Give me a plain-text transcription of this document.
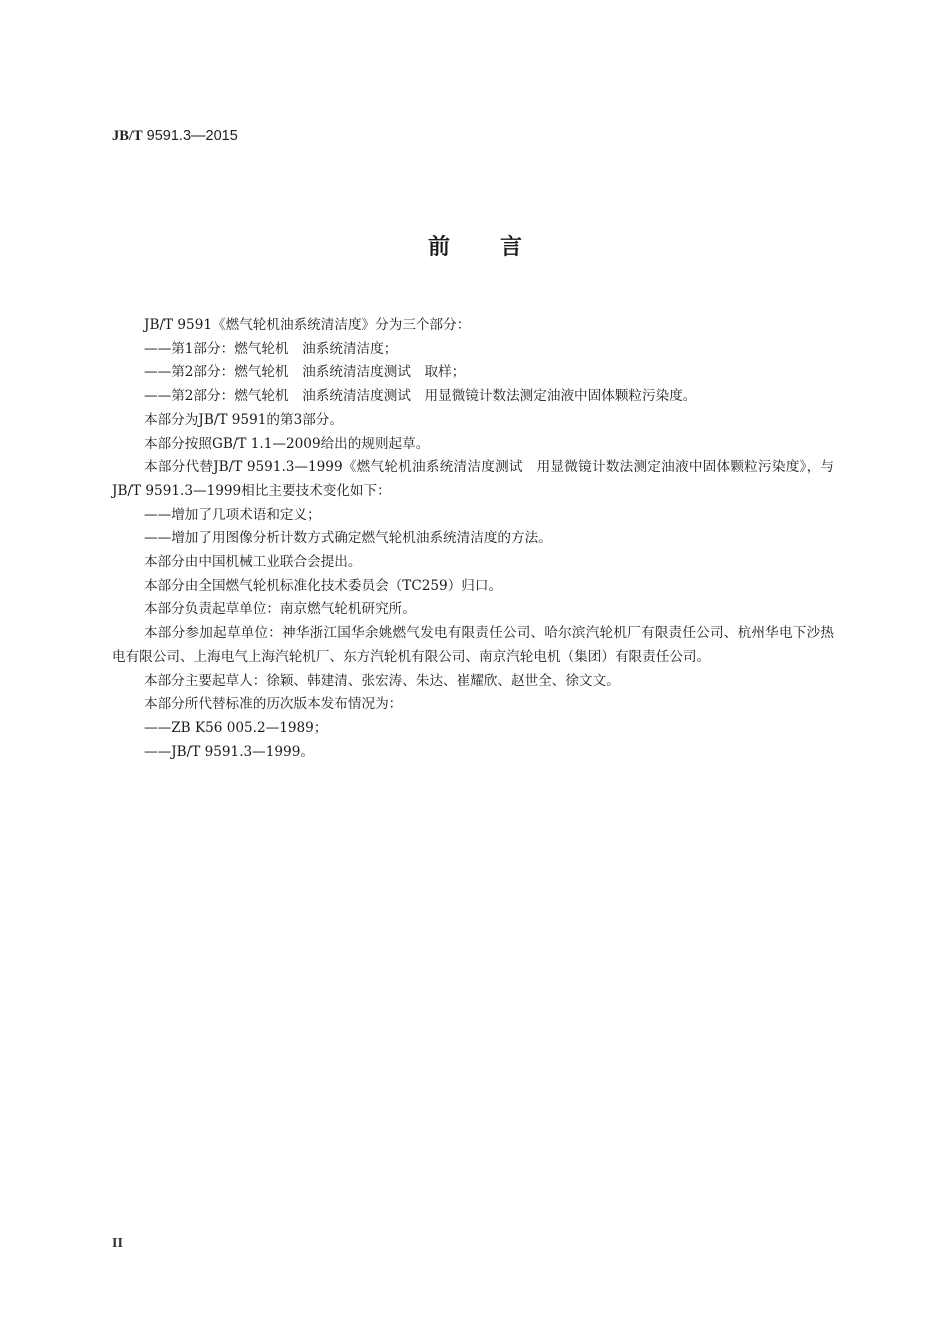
JB/T 9591.3—2015
前 言

JB/T 9591《燃气轮机油系统清洁度》分为三个部分：

——第1部分：燃气轮机　油系统清洁度；

——第2部分：燃气轮机　油系统清洁度测试　取样；

——第2部分：燃气轮机　油系统清洁度测试　用显微镜计数法测定油液中固体颗粒污染度。

本部分为JB/T 9591的第3部分。

本部分按照GB/T 1.1—2009给出的规则起草。

本部分代替JB/T 9591.3—1999《燃气轮机油系统清洁度测试　用显微镜计数法测定油液中固体颗粒污染度》，与JB/T 9591.3—1999相比主要技术变化如下：

——增加了几项术语和定义；

——增加了用图像分析计数方式确定燃气轮机油系统清洁度的方法。

本部分由中国机械工业联合会提出。

本部分由全国燃气轮机标准化技术委员会（TC259）归口。

本部分负责起草单位：南京燃气轮机研究所。

本部分参加起草单位：神华浙江国华余姚燃气发电有限责任公司、哈尔滨汽轮机厂有限责任公司、杭州华电下沙热电有限公司、上海电气上海汽轮机厂、东方汽轮机有限公司、南京汽轮电机（集团）有限责任公司。

本部分主要起草人：徐颖、韩建清、张宏涛、朱达、崔耀欣、赵世全、徐文文。

本部分所代替标准的历次版本发布情况为：

——ZB K56 005.2—1989；

——JB/T 9591.3—1999。

II
